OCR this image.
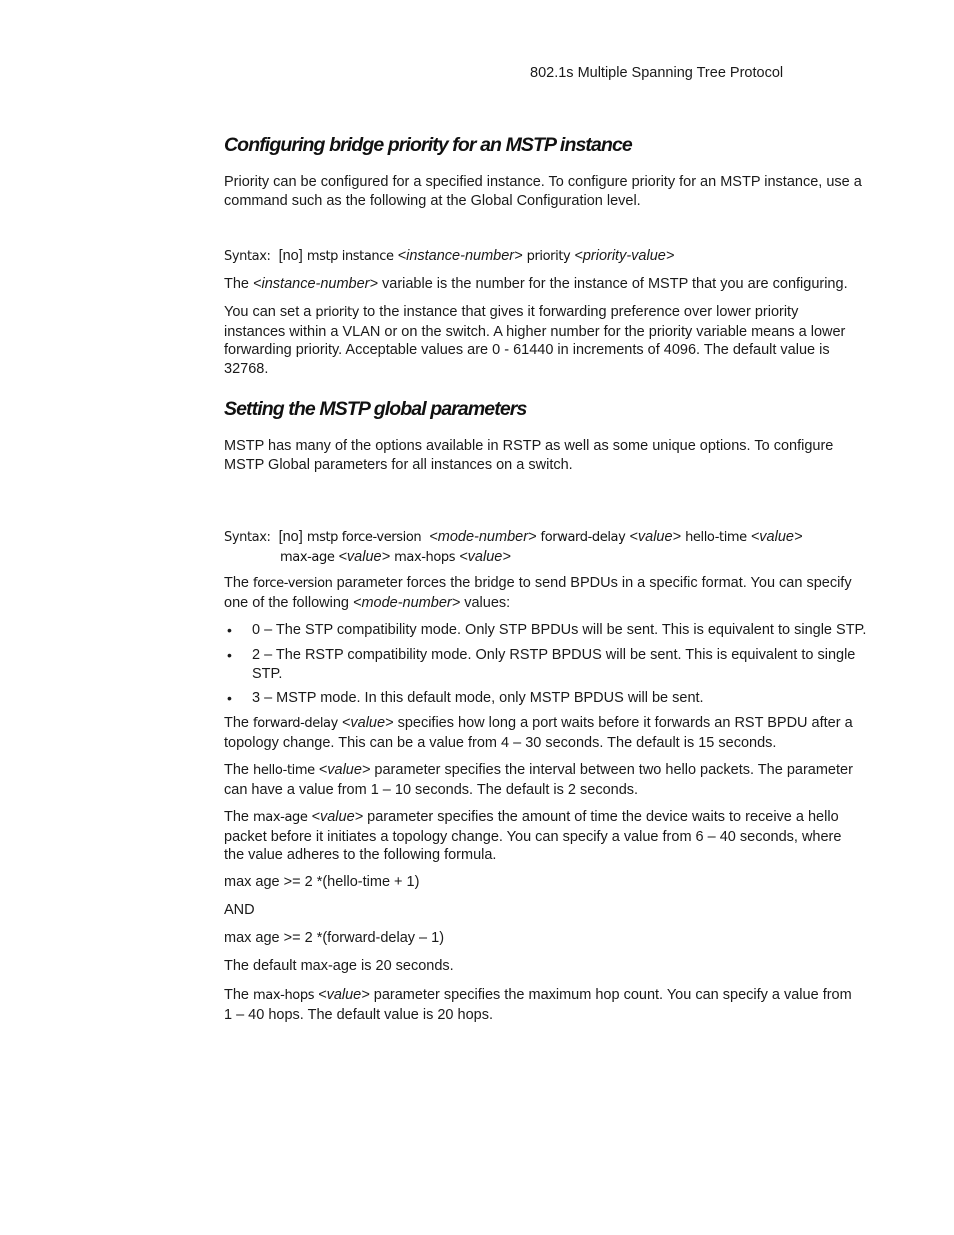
802.1s Multiple Spanning Tree Protocol
Configuring bridge priority for an MSTP instance
Priority can be configured for a specified instance. To configure priority for an MSTP instance, use a
command such as the following at the Global Configuration level.
Syntax: [no] mstp instance <instance-number> priority <priority-value>
The <instance-number> variable is the number for the instance of MSTP that you are configuring.
You can set a priority to the instance that gives it forwarding preference over lower priority
instances within a VLAN or on the switch. A higher number for the priority variable means a lower
forwarding priority. Acceptable values are 0 - 61440 in increments of 4096. The default value is
32768.
Setting the MSTP global parameters
MSTP has many of the options available in RSTP as well as some unique options. To configure
MSTP Global parameters for all instances on a switch.
Syntax: [no] mstp force-version <mode-number> forward-delay <value> hello-time <value>
max-age <value> max-hops <value>
The force-version parameter forces the bridge to send BPDUs in a specific format. You can specify
one of the following <mode-number> values:
• 0 – The STP compatibility mode. Only STP BPDUs will be sent. This is equivalent to single STP.
• 2 – The RSTP compatibility mode. Only RSTP BPDUS will be sent. This is equivalent to single
STP.
• 3 – MSTP mode. In this default mode, only MSTP BPDUS will be sent.
The forward-delay <value> specifies how long a port waits before it forwards an RST BPDU after a
topology change. This can be a value from 4 – 30 seconds. The default is 15 seconds.
The hello-time <value> parameter specifies the interval between two hello packets. The parameter
can have a value from 1 – 10 seconds. The default is 2 seconds.
The max-age <value> parameter specifies the amount of time the device waits to receive a hello
packet before it initiates a topology change. You can specify a value from 6 – 40 seconds, where
the value adheres to the following formula.
max age >= 2 *(hello-time + 1)
AND
max age >= 2 *(forward-delay – 1)
The default max-age is 20 seconds.
The max-hops <value> parameter specifies the maximum hop count. You can specify a value from
1 – 40 hops. The default value is 20 hops.
